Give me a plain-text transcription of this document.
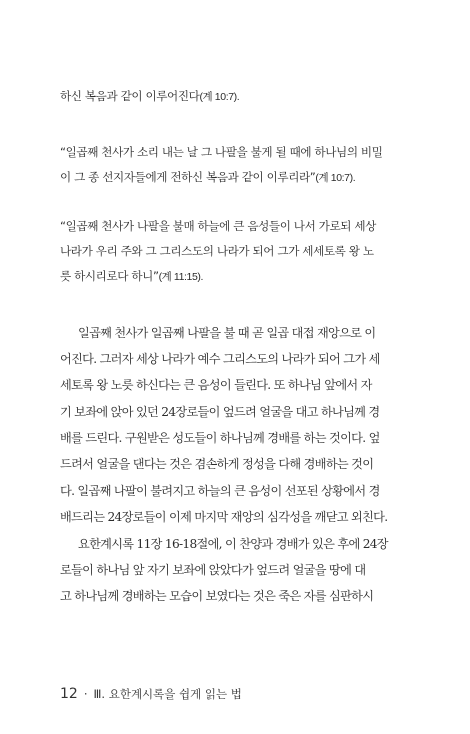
하신 복음과 같이 이루어진다(계 10:7).

“일곱째 천사가 소리 내는 날 그 나팔을 불게 될 때에 하나님의 비밀

이 그 종 선지자들에게 전하신 복음과 같이 이루리라”(계 10:7).

“일곱째 천사가 나팔을 불매 하늘에 큰 음성들이 나서 가로되 세상

나라가 우리 주와 그 그리스도의 나라가 되어 그가 세세토록 왕 노

릇 하시리로다 하니”(계 11:15).

일곱째 천사가 일곱째 나팔을 불 때 곧 일곱 대접 재앙으로 이

어진다. 그러자 세상 나라가 예수 그리스도의 나라가 되어 그가 세

세토록 왕 노릇 하신다는 큰 음성이 들린다. 또 하나님 앞에서 자

기 보좌에 앉아 있던 24장로들이 엎드려 얼굴을 대고 하나님께 경

배를 드린다. 구원받은 성도들이 하나님께 경배를 하는 것이다. 엎

드려서 얼굴을 댄다는 것은 겸손하게 정성을 다해 경배하는 것이

다. 일곱째 나팔이 불려지고 하늘의 큰 음성이 선포된 상황에서 경

배드리는 24장로들이 이제 마지막 재앙의 심각성을 깨닫고 외친다.

요한계시록 11장 16-18절에, 이 찬양과 경배가 있은 후에 24장

로들이 하나님 앞 자기 보좌에 앉았다가 엎드려 얼굴을 땅에 대

고 하나님께 경배하는 모습이 보였다는 것은 죽은 자를 심판하시

12 · Ⅲ. 요한계시록을 쉽게 읽는 법
